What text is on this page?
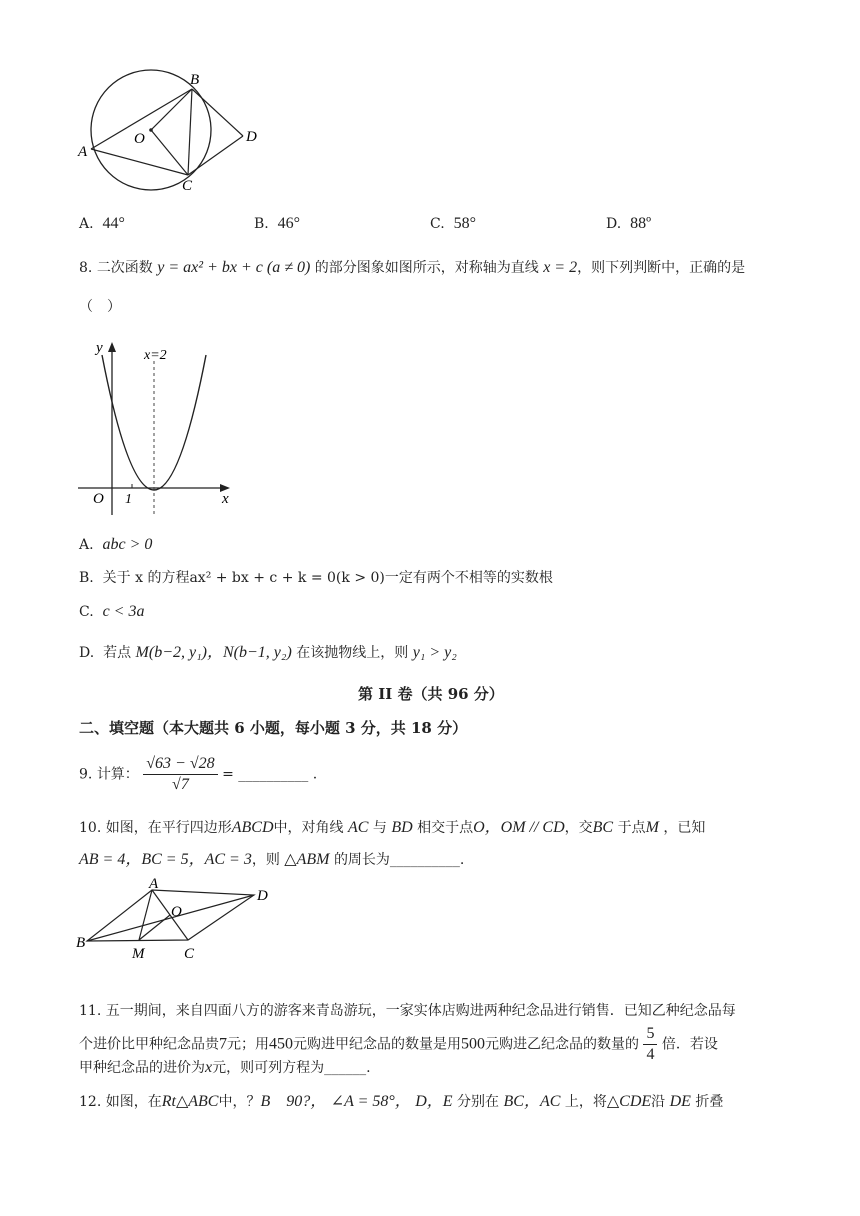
B
O	D
A
C
A. 44°	B. 46°	C. 58°	D. 88º
8. 二次函数 y = ax² + bx + c (a ≠ 0) 的部分图象如图所示，对称轴为直线 x = 2，则下列判断中，正确的是
（　）
y	x=2
O 1	x
A. abc > 0
B. 关于 x 的方程ax² + bx + c + k = 0(k > 0)一定有两个不相等的实数根
C. c < 3a
D. 若点 M(b−2, y₁)，N(b−1, y₂) 在该抛物线上，则 y₁ > y₂
第 II 卷（共 96 分）
二、填空题（本大题共 6 小题，每小题 3 分，共 18 分）
9. 计算： $\frac{√63 - √28}{√7}$ = __________ .
10. 如图，在平行四边形ABCD中，对角线 AC 与 BD 相交于点O，OM // CD，交BC 于点M ，已知
AB = 4，BC = 5，AC = 3，则 △ABM 的周长为__________.
A
D
O
B
M	C
11. 五一期间，来自四面八方的游客来青岛游玩，一家实体店购进两种纪念品进行销售．已知乙种纪念品每
个进价比甲种纪念品贵7元；用450元购进甲纪念品的数量是用500元购进乙纪念品的数量的 $\frac{5}{4}$ 倍．若设
甲种纪念品的进价为x元，则可列方程为______.
12. 如图，在Rt△ABC中，？B　90?， ∠A = 58°， D，E 分别在 BC，AC 上，将△CDE沿 DE 折叠
